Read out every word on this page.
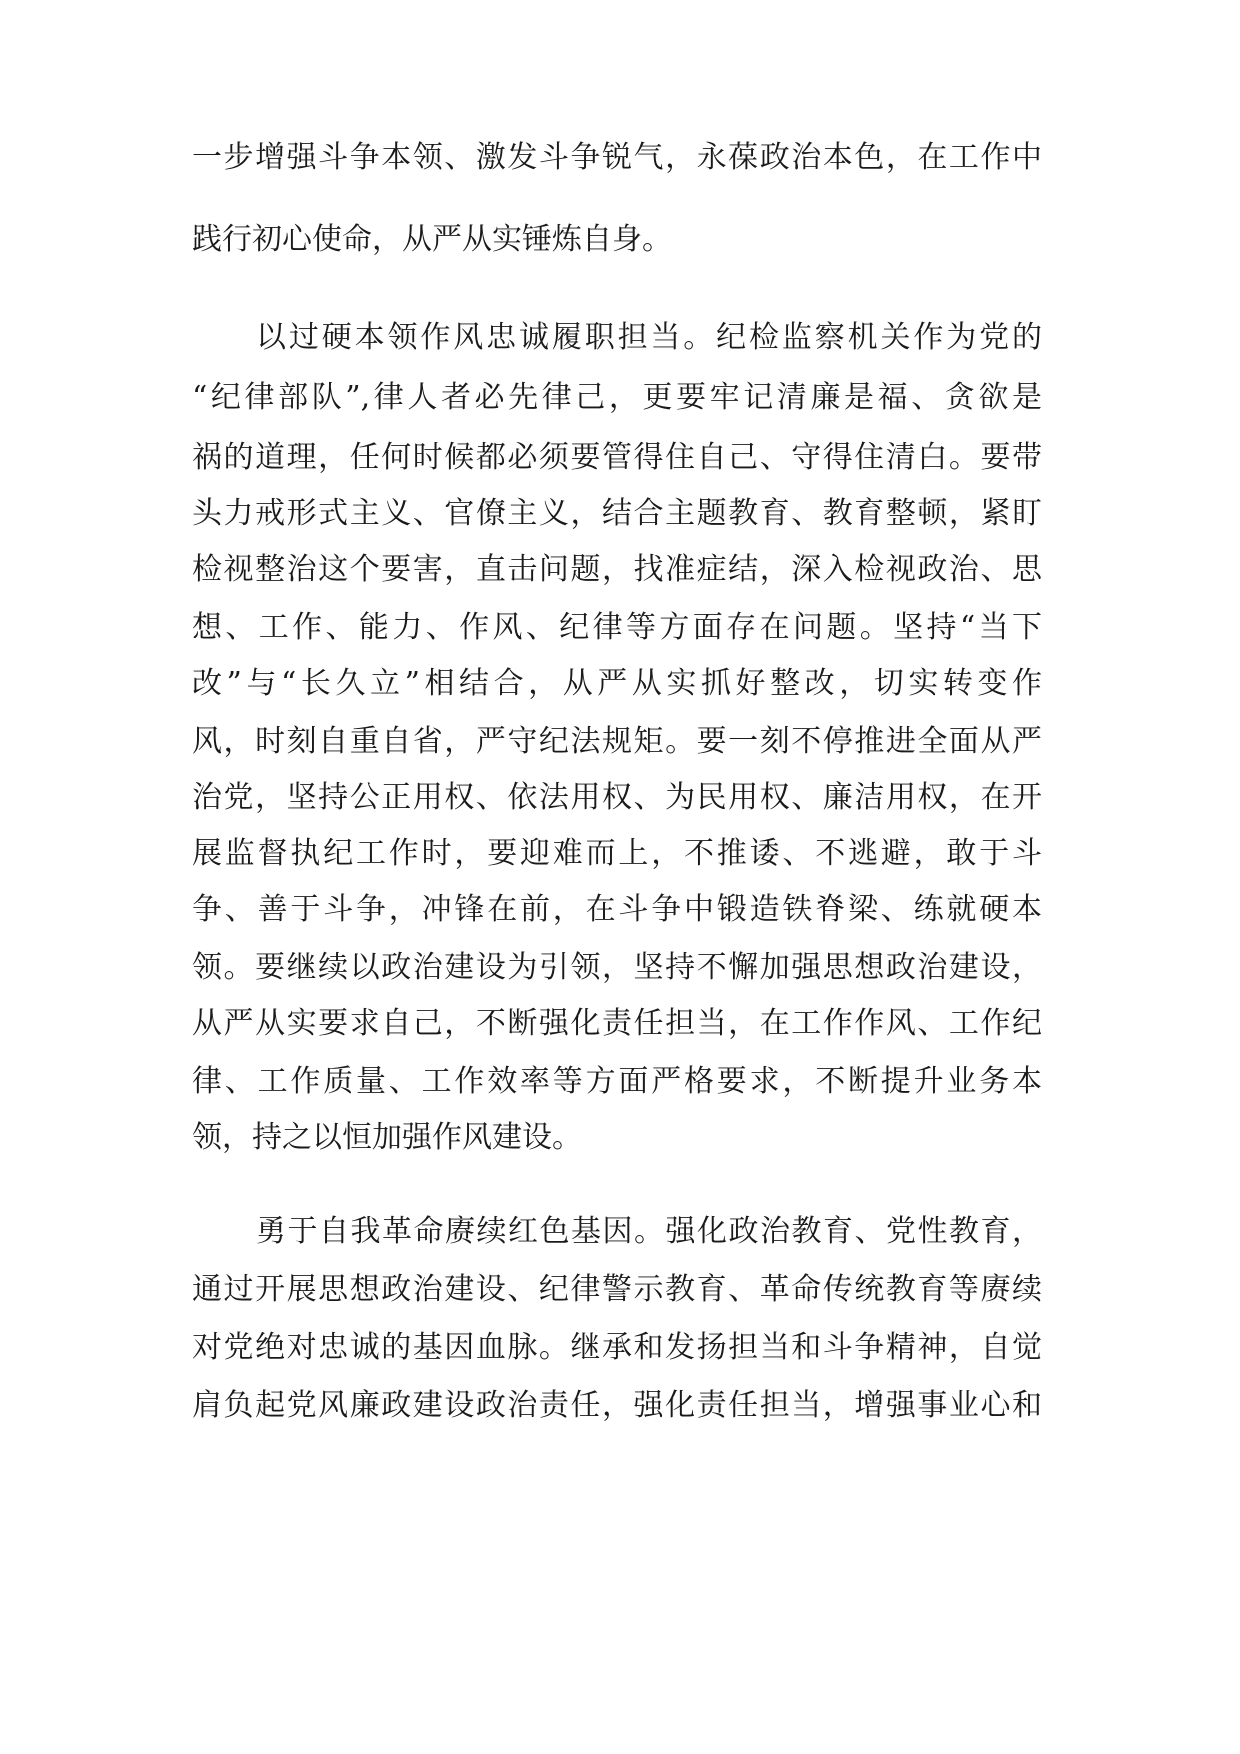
一步增强斗争本领、激发斗争锐气，永葆政治本色，在工作中
践行初心使命，从严从实锤炼自身。
以过硬本领作风忠诚履职担当。纪检监察机关作为党的
“纪律部队”,律人者必先律己，更要牢记清廉是福、贪欲是
祸的道理，任何时候都必须要管得住自己、守得住清白。要带
头力戒形式主义、官僚主义，结合主题教育、教育整顿，紧盯
检视整治这个要害，直击问题，找准症结，深入检视政治、思
想、工作、能力、作风、纪律等方面存在问题。坚持“当下
改”与“长久立”相结合，从严从实抓好整改，切实转变作
风，时刻自重自省，严守纪法规矩。要一刻不停推进全面从严
治党，坚持公正用权、依法用权、为民用权、廉洁用权，在开
展监督执纪工作时，要迎难而上，不推诿、不逃避，敢于斗
争、善于斗争，冲锋在前，在斗争中锻造铁脊梁、练就硬本
领。要继续以政治建设为引领，坚持不懈加强思想政治建设，
从严从实要求自己，不断强化责任担当，在工作作风、工作纪
律、工作质量、工作效率等方面严格要求，不断提升业务本
领，持之以恒加强作风建设。
勇于自我革命赓续红色基因。强化政治教育、党性教育，
通过开展思想政治建设、纪律警示教育、革命传统教育等赓续
对党绝对忠诚的基因血脉。继承和发扬担当和斗争精神，自觉
肩负起党风廉政建设政治责任，强化责任担当，增强事业心和
